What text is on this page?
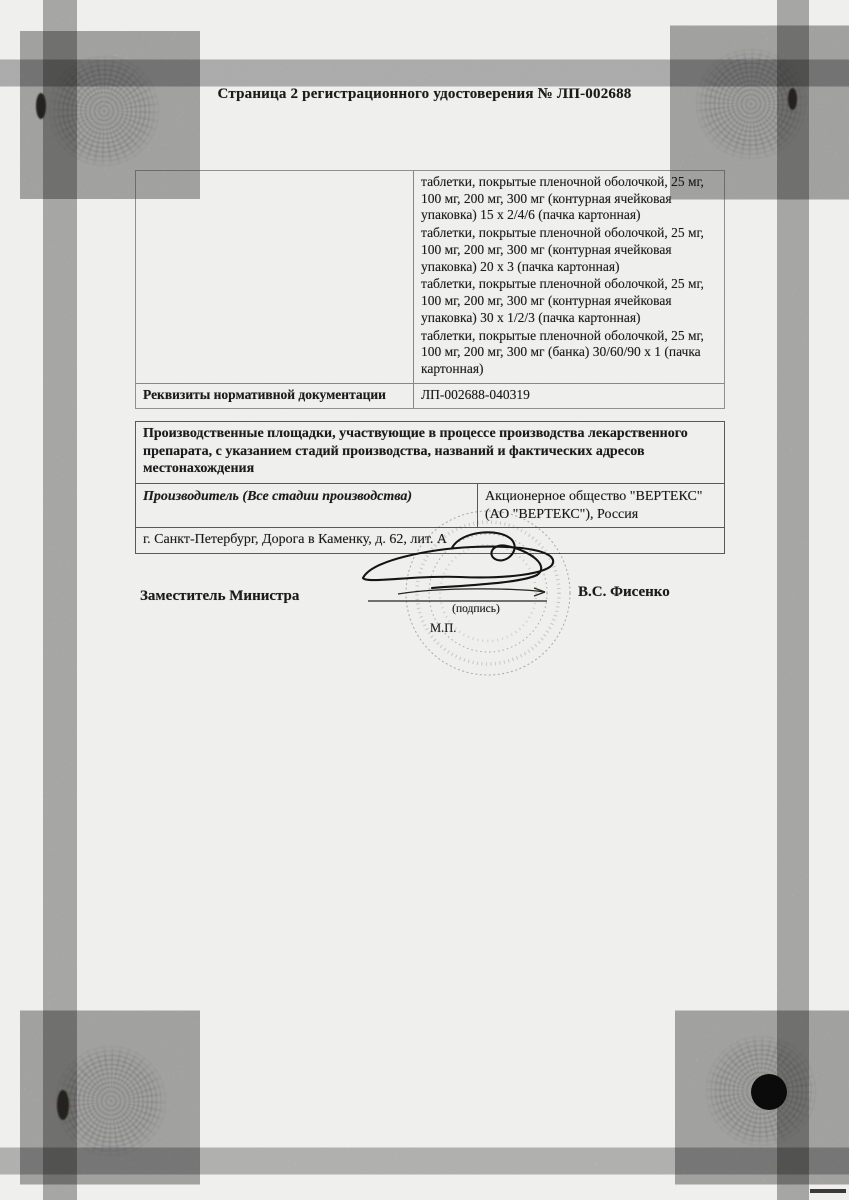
Страница 2 регистрационного удостоверения № ЛП-002688

таблетки, покрытые пленочной оболочкой, 25 мг, 100 мг, 200 мг, 300 мг (контурная ячейковая упаковка) 15 х 2/4/6 (пачка картонная)

таблетки, покрытые пленочной оболочкой, 25 мг, 100 мг, 200 мг, 300 мг (контурная ячейковая упаковка) 20 х 3 (пачка картонная)

таблетки, покрытые пленочной оболочкой, 25 мг, 100 мг, 200 мг, 300 мг (контурная ячейковая упаковка) 30 х 1/2/3 (пачка картонная)

таблетки, покрытые пленочной оболочкой, 25 мг, 100 мг, 200 мг, 300 мг (банка) 30/60/90 х 1 (пачка картонная)

Реквизиты нормативной документации	ЛП-002688-040319
Производственные площадки, участвующие в процессе производства лекарственного препарата, с указанием стадий производства, названий и фактических адресов местонахождения
Производитель (Все стадии производства)	Акционерное общество "ВЕРТЕКС" (АО "ВЕРТЕКС"), Россия
г. Санкт-Петербург, Дорога в Каменку, д. 62, лит. А
Заместитель Министра	В.С. Фисенко
(подпись)
М.П.
